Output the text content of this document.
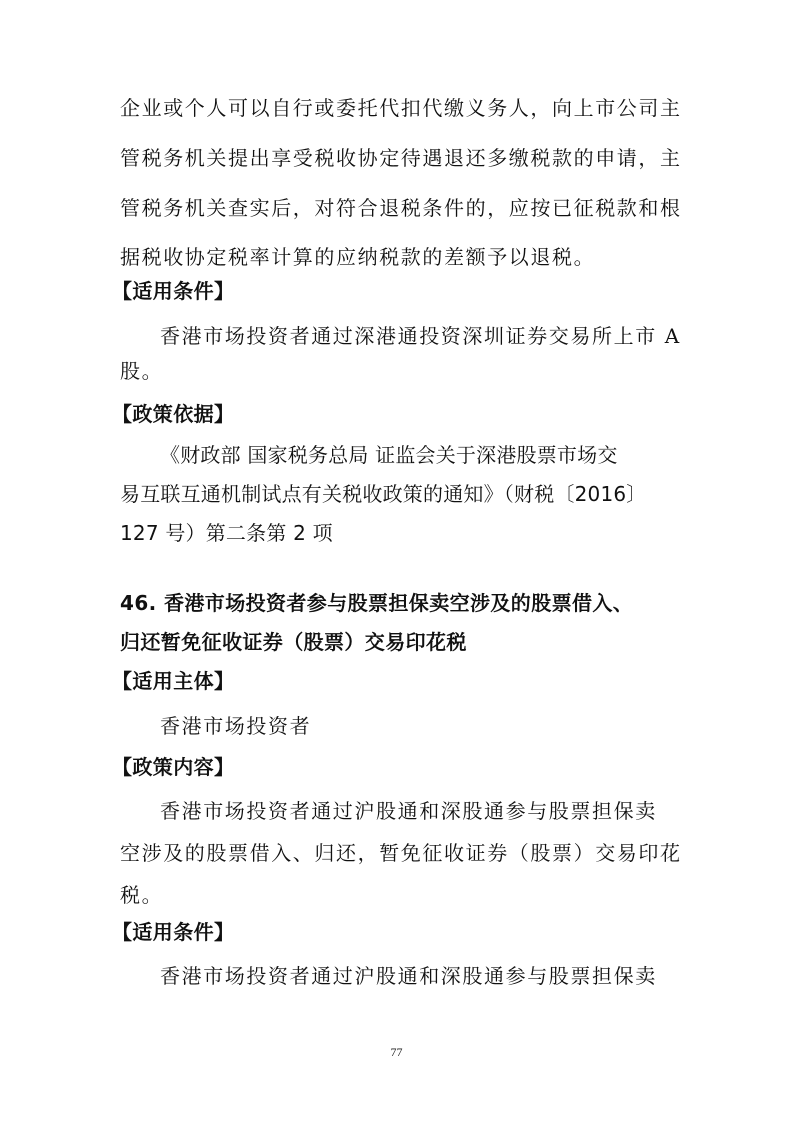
企业或个人可以自行或委托代扣代缴义务人，向上市公司主
管税务机关提出享受税收协定待遇退还多缴税款的申请，主
管税务机关查实后，对符合退税条件的，应按已征税款和根
据税收协定税率计算的应纳税款的差额予以退税。
【适用条件】
香港市场投资者通过深港通投资深圳证券交易所上市 A
股。
【政策依据】
《财政部 国家税务总局 证监会关于深港股票市场交
易互联互通机制试点有关税收政策的通知》（财税〔2016〕
127 号）第二条第 2 项
46. 香港市场投资者参与股票担保卖空涉及的股票借入、
归还暂免征收证券（股票）交易印花税
【适用主体】
香港市场投资者
【政策内容】
香港市场投资者通过沪股通和深股通参与股票担保卖
空涉及的股票借入、归还，暂免征收证券（股票）交易印花
税。
【适用条件】
香港市场投资者通过沪股通和深股通参与股票担保卖
77
